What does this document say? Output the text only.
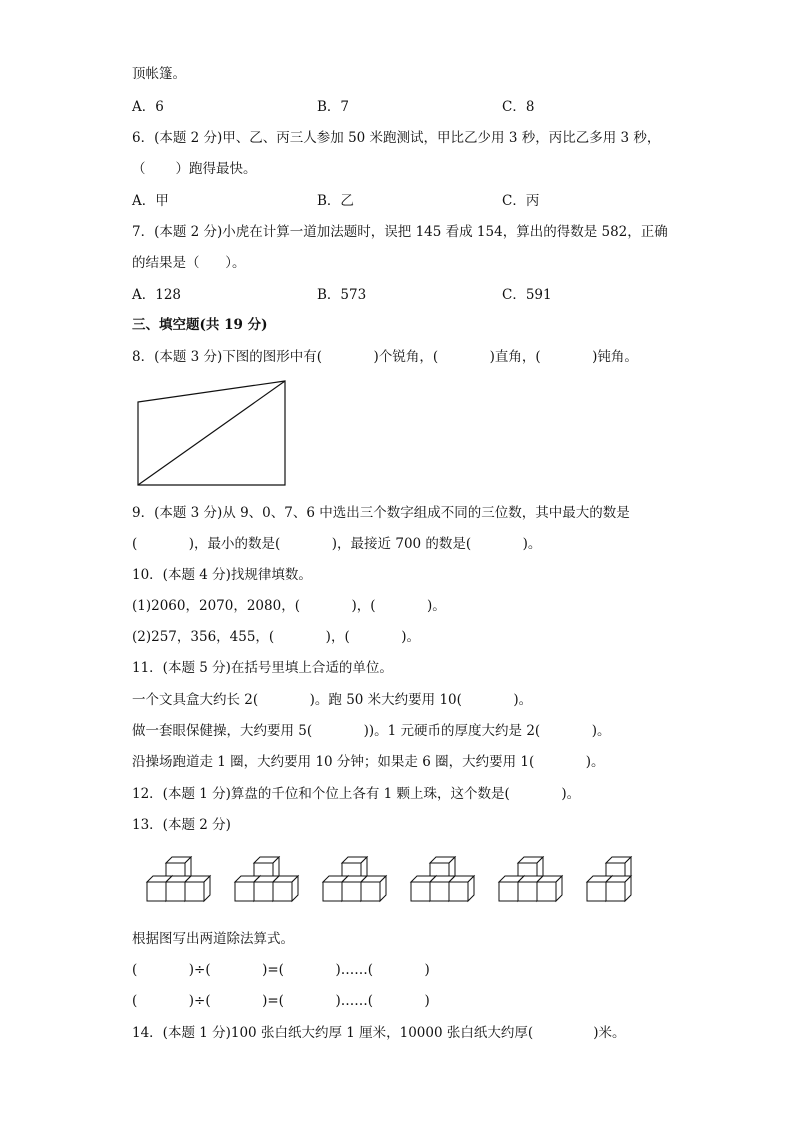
顶帐篷。
A．6	B．7	C．8
6．(本题 2 分)甲、乙、丙三人参加 50 米跑测试，甲比乙少用 3 秒，丙比乙多用 3 秒，
（       ）跑得最快。
A．甲	B．乙	C．丙
7．(本题 2 分)小虎在计算一道加法题时，误把 145 看成 154，算出的得数是 582，正确
的结果是（      ）。
A．128	B．573	C．591
三、填空题(共 19 分)
8．(本题 3 分)下图的图形中有(            )个锐角，(            )直角，(            )钝角。
9．(本题 3 分)从 9、0、7、6 中选出三个数字组成不同的三位数，其中最大的数是
(            )，最小的数是(            )，最接近 700 的数是(            )。
10．(本题 4 分)找规律填数。
(1)2060，2070，2080，(            )，(            )。
(2)257，356，455，(            )，(            )。
11．(本题 5 分)在括号里填上合适的单位。
一个文具盒大约长 2(            )。跑 50 米大约要用 10(            )。
做一套眼保健操，大约要用 5(            ))。1 元硬币的厚度大约是 2(            )。
沿操场跑道走 1 圈，大约要用 10 分钟；如果走 6 圈，大约要用 1(            )。
12．(本题 1 分)算盘的千位和个位上各有 1 颗上珠，这个数是(            )。
13．(本题 2 分)
根据图写出两道除法算式。
(            )÷(            )=(            )……(            )
(            )÷(            )=(            )……(            )
14．(本题 1 分)100 张白纸大约厚 1 厘米，10000 张白纸大约厚(              )米。
